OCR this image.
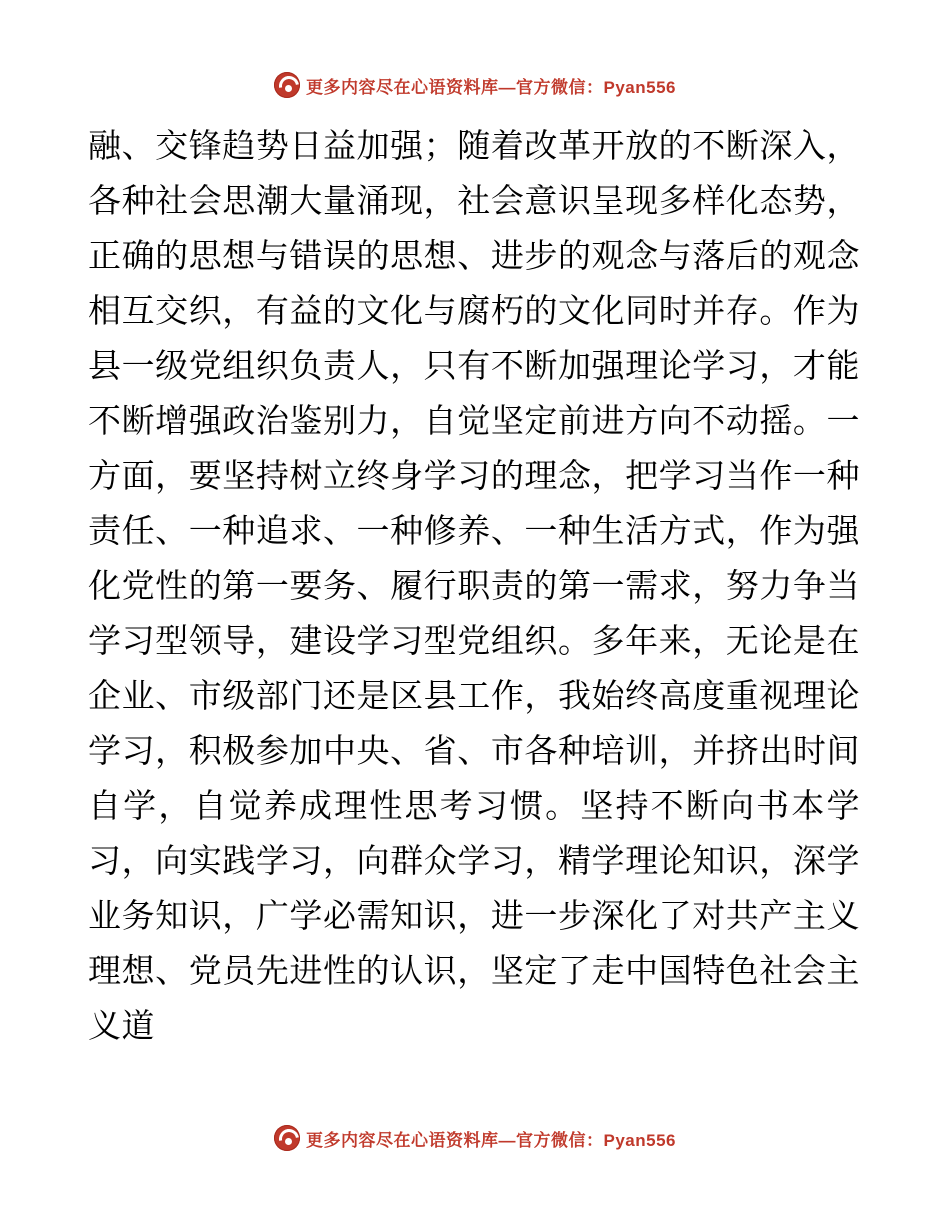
更多内容尽在心语资料库—官方微信：Pyan556

融、交锋趋势日益加强；随着改革开放的不断深入，各种社会思潮大量涌现，社会意识呈现多样化态势，正确的思想与错误的思想、进步的观念与落后的观念相互交织，有益的文化与腐朽的文化同时并存。作为县一级党组织负责人，只有不断加强理论学习，才能不断增强政治鉴别力，自觉坚定前进方向不动摇。一方面，要坚持树立终身学习的理念，把学习当作一种责任、一种追求、一种修养、一种生活方式，作为强化党性的第一要务、履行职责的第一需求，努力争当学习型领导，建设学习型党组织。多年来，无论是在企业、市级部门还是区县工作，我始终高度重视理论学习，积极参加中央、省、市各种培训，并挤出时间自学，自觉养成理性思考习惯。坚持不断向书本学习，向实践学习，向群众学习，精学理论知识，深学业务知识，广学必需知识，进一步深化了对共产主义理想、党员先进性的认识，坚定了走中国特色社会主义道

更多内容尽在心语资料库—官方微信：Pyan556
